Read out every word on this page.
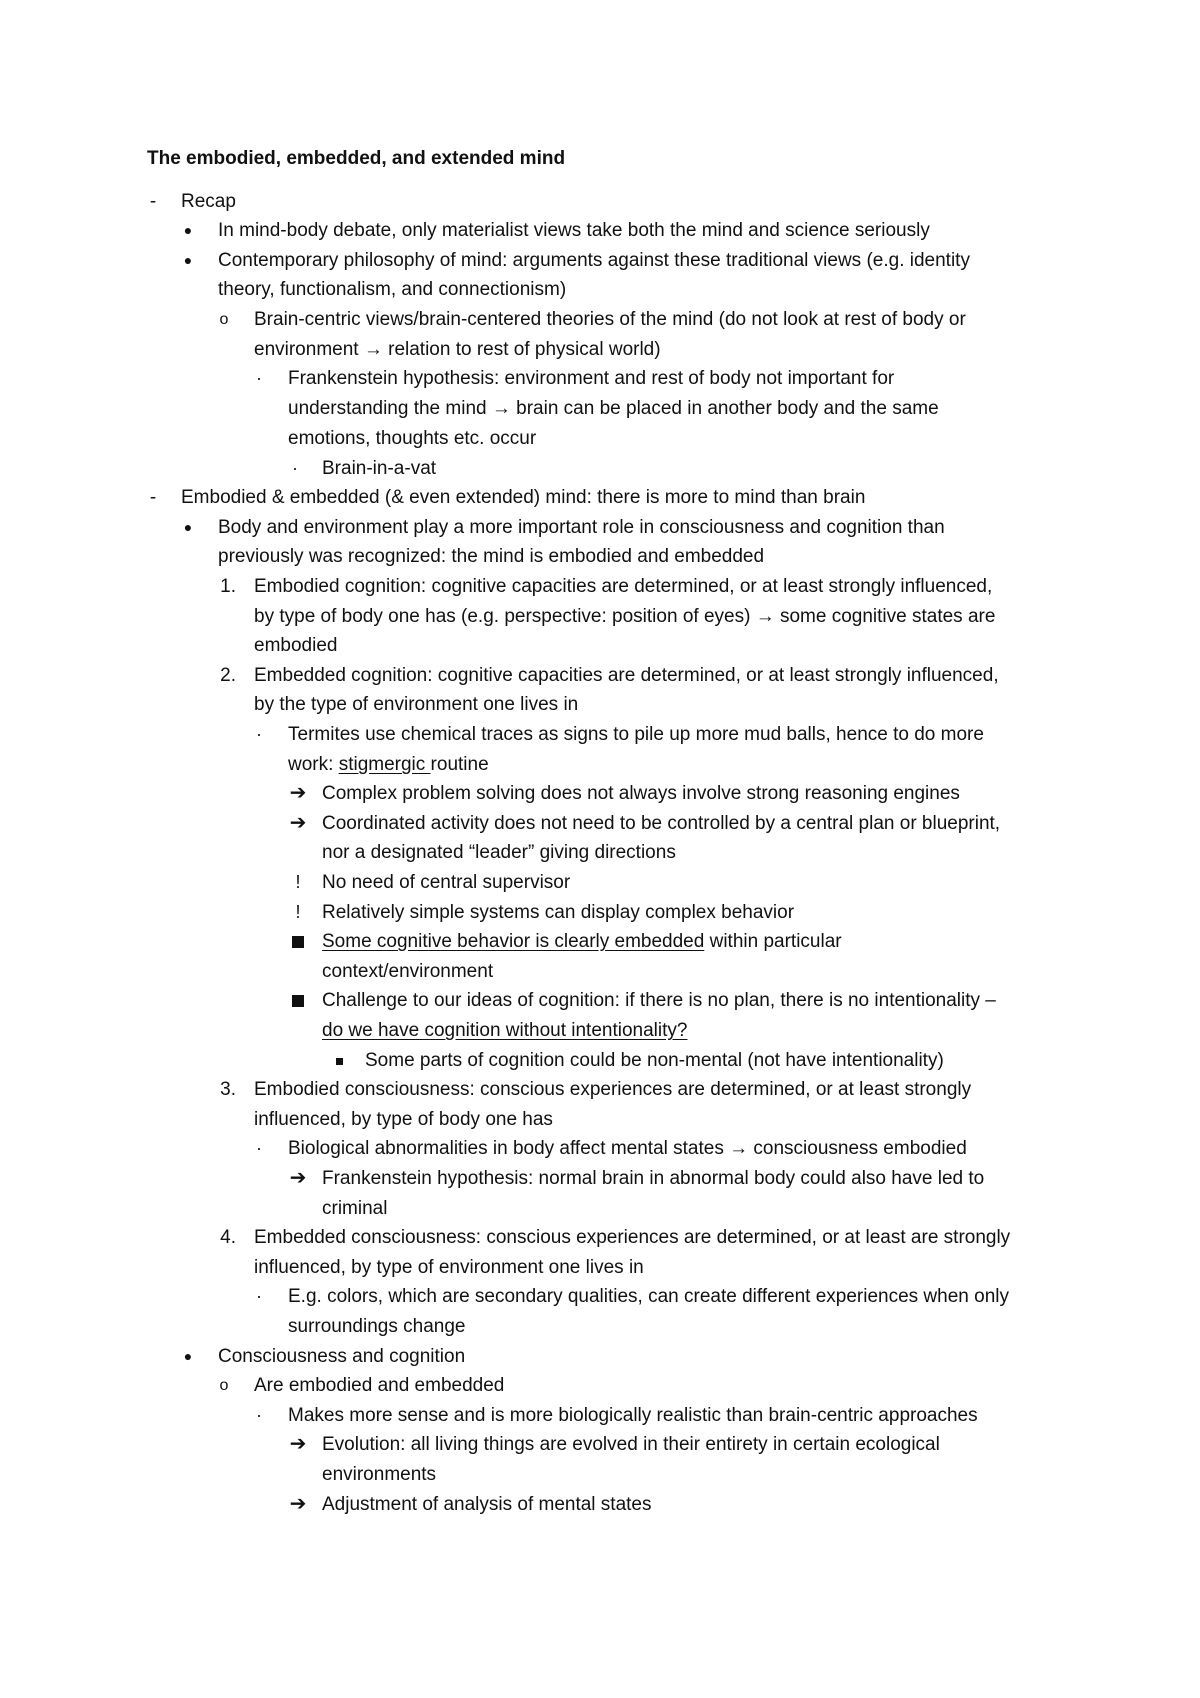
The embodied, embedded, and extended mind
- Recap
● In mind-body debate, only materialist views take both the mind and science seriously
● Contemporary philosophy of mind: arguments against these traditional views (e.g. identity
theory, functionalism, and connectionism)
o Brain-centric views/brain-centered theories of the mind (do not look at rest of body or
environment → relation to rest of physical world)
· Frankenstein hypothesis: environment and rest of body not important for
understanding the mind → brain can be placed in another body and the same
emotions, thoughts etc. occur
· Brain-in-a-vat
- Embodied & embedded (& even extended) mind: there is more to mind than brain
● Body and environment play a more important role in consciousness and cognition than
previously was recognized: the mind is embodied and embedded
1. Embodied cognition: cognitive capacities are determined, or at least strongly influenced,
by type of body one has (e.g. perspective: position of eyes) → some cognitive states are
embodied
2. Embedded cognition: cognitive capacities are determined, or at least strongly influenced,
by the type of environment one lives in
· Termites use chemical traces as signs to pile up more mud balls, hence to do more
work: stigmergic routine
➔ Complex problem solving does not always involve strong reasoning engines
➔ Coordinated activity does not need to be controlled by a central plan or blueprint,
nor a designated “leader” giving directions
! No need of central supervisor
! Relatively simple systems can display complex behavior
Some cognitive behavior is clearly embedded within particular
context/environment
Challenge to our ideas of cognition: if there is no plan, there is no intentionality –
do we have cognition without intentionality?
Some parts of cognition could be non-mental (not have intentionality)
3. Embodied consciousness: conscious experiences are determined, or at least strongly
influenced, by type of body one has
· Biological abnormalities in body affect mental states → consciousness embodied
➔ Frankenstein hypothesis: normal brain in abnormal body could also have led to
criminal
4. Embedded consciousness: conscious experiences are determined, or at least are strongly
influenced, by type of environment one lives in
· E.g. colors, which are secondary qualities, can create different experiences when only
surroundings change
● Consciousness and cognition
o Are embodied and embedded
· Makes more sense and is more biologically realistic than brain-centric approaches
➔ Evolution: all living things are evolved in their entirety in certain ecological
environments
➔ Adjustment of analysis of mental states
